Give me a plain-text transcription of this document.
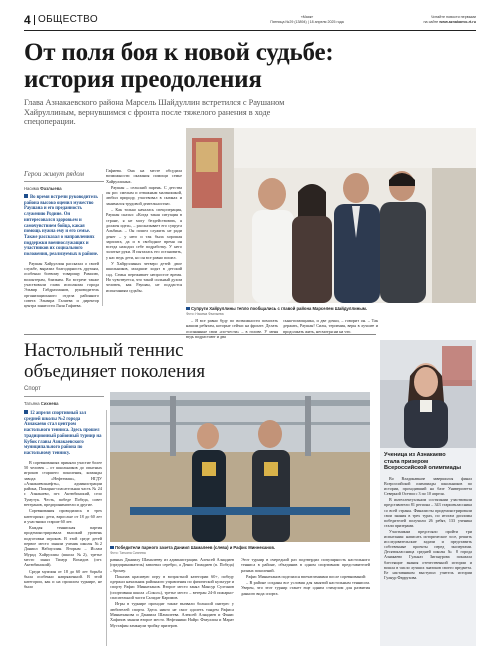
4 ОБЩЕСТВО	«Маяк»
Пятница №29 (13894) | 18 апреля 2025 года
Читайте новости первыми
на сайте www.aznakaevo-rt.ru
От поля боя к новой судьбе:
история преодоления
Глава Азнакаевского района Марсель Шайдуллин встретился с Раушаном Хайруллиным, вернувшимся с фронта после тяжелого ранения в ходе спецоперации.
Герои живут рядом
Насима Фазлыева
Во время встречи руководитель района высоко оценил мужество Раушана и его преданность служению Родине. Он интересовался здоровьем и самочувствием бойца, какая помощь нужна ему и его семье. Также рассказал о направлениях поддержки военнослужащих и участников их социального положения, реализуемых в районе.

Раушан Хайруллин рассказал о своей службе, выразил благодарность друзьям, особенно боевому товарищу Рамилю, волонтерам, близким. Во встрече также участвовали глава исполкома города Эльвир Габдрахманов, руководитель организационного отдела районного совета Эльвира Галиева и директор центра занятости Ляля Гафиева.

Гафиева. Она на месте обсудила возможности оказания помощи семье Хайруллиных.

Раушан – сельский парень. С детства он рос смелым и отважным мальчишкой, любил природу, участвовал в скачках и занимался трудовой деятельностью.

– Как только началась спецоперация, Раушан сказал: «Когда такая ситуация в стране, я не могу бездействовать, я должен идти», – рассказывает его супруга Альбина. – Он пошел служить не ради денег – у него и так была хорошая зарплата, да и в свободное время он всегда находил себе подработку. У него золотые руки. Я пыталась его остановить, у нас ведь дети, но он все равно пошел.

У Хайруллиных четверо детей: двое школьников, младшие ходят в детский сад. Семья переживает непростое время. Но чувствуется, что такой сильный духом человек, как Раушан, не поддастся испытаниям судьбы.

Супруги Хайруллины тепло пообщались с главой района Марселем Шайдуллиным.
Фото: Насима Фазлыева

– Я все равно буду по возможности помогать нашим ребятам, которые сейчас на фронте. Делать осознанные свои «по-чести» – в голове. У меня ведь подрастают и два

сына-помощника, и две дочки, – говорит он. – Так держать, Раушан! Силы, терпения, веры в лучшее и продолжать жить, несмотря ни на что.

Настольный теннис
объединяет поколения
Спорт
Татьяна Сихнева
12 апреля спортивный зал средней школы №2 города Азнакаево стал центром настольного тенниса. Здесь прошел традиционный районный турнир на Кубок главы Азнакаевского муниципального района по настольному теннису.

В соревнованиях приняли участие более 50 человек – от школьников до опытных игроков старшего поколения, команды завода «Нефтемаш», НГДУ «Азнакаевскнефть», администрации района, Пожарно-спасательная часть № 24 г. Азнакаево, пгт. Актюбинский, село Тумутук. Честь, победе Победа, совет ветеранов, предприниматели и другие.

Соревнования проводились в трех категориях: дети, взрослые от 18 до 60 лет и участники старше 60 лет.

Каждая теннисная партия продемонстрировала высокий уровень подготовки игроков. В этой среде детей первое место заняли ученик школы №2 Даниил Набиуллин. Вторым – Ислам Мурад Хайруллин (школа №2), третье место занял Тимур Вохидов (пгт. Актюбинский).

Среди мужчин от 18 до 60 лет борьба была особенно напряженной. В этой категории, как и на прошлом турнире, не было

Победители парного зачета Даниил Шамалеев (слева) и Рафис Миннеханов.
Фото: Татьяна Сихнева

равных Даниилу Шамалееву из администрации. Алексей Алнадиев (предприниматель) завоевал серебро, а Денис Гимадиев (п. Победа) – бронзу.

Показав красивую игру в возрастной категории 60+, победу одержал начальник районного управления по физической культуре и спорту Рафис Миннеханов. Второе место занял Мансур Султанов (спортивная школа «Сокол»), третье место – ветеран 24-й пожарно-спасательной части Салидат Каримов.

Игры в турнире проходят также вызвали большой интерес у любителей спорта. Здесь никто не смог одолеть тандем Рафиса Миннеханова и Даниила Шамалеева. Алексей Алнадиев и Фанис Хафизов заняли второе место. Нефтяники Найрс Фазуллин и Марат Мустафин замкнули тройку призеров.

Этот турнир в очередной раз подтвердил популярность настольного тенниса в районе, объединив в одном спортивном представителей разных поколений.

Рафис Миннеханов поделился впечатлениями после соревнований:

– В районе созданы все условия для занятий настольным теннисом. Уверен, что этот турнир станет еще одним стимулом для развития данного вида спорта.

Ученица из Азнакаево
стала призером
Всероссийской олимпиады

Во Владикавказе завершился финал Всероссийской олимпиады школьников по истории, проходивший на базе Университета Северной Осетии с 3 по 10 апреля.

В интеллектуальном состязании участвовали представители 81 региона – 343 старшеклассника со всей страны. Финалисты продемонстрировали свои знания в трех турах, по итогам дипломы победителей получили 26 ребят, 133 ученика стали призерами.

Участникам предстояло пройти три испытания: написать историческое эссе, решить исследовательские задачи и представить собственные проекты перед экспертами. Десятиклассница средней школы № 8 города Азнакаево Гульназ Зиганурова показала блестящие знания отечественной истории и вошла в число лучших знатоков своего предмета. Ее наставником выступил учитель истории Гулнур Фаррухова.
